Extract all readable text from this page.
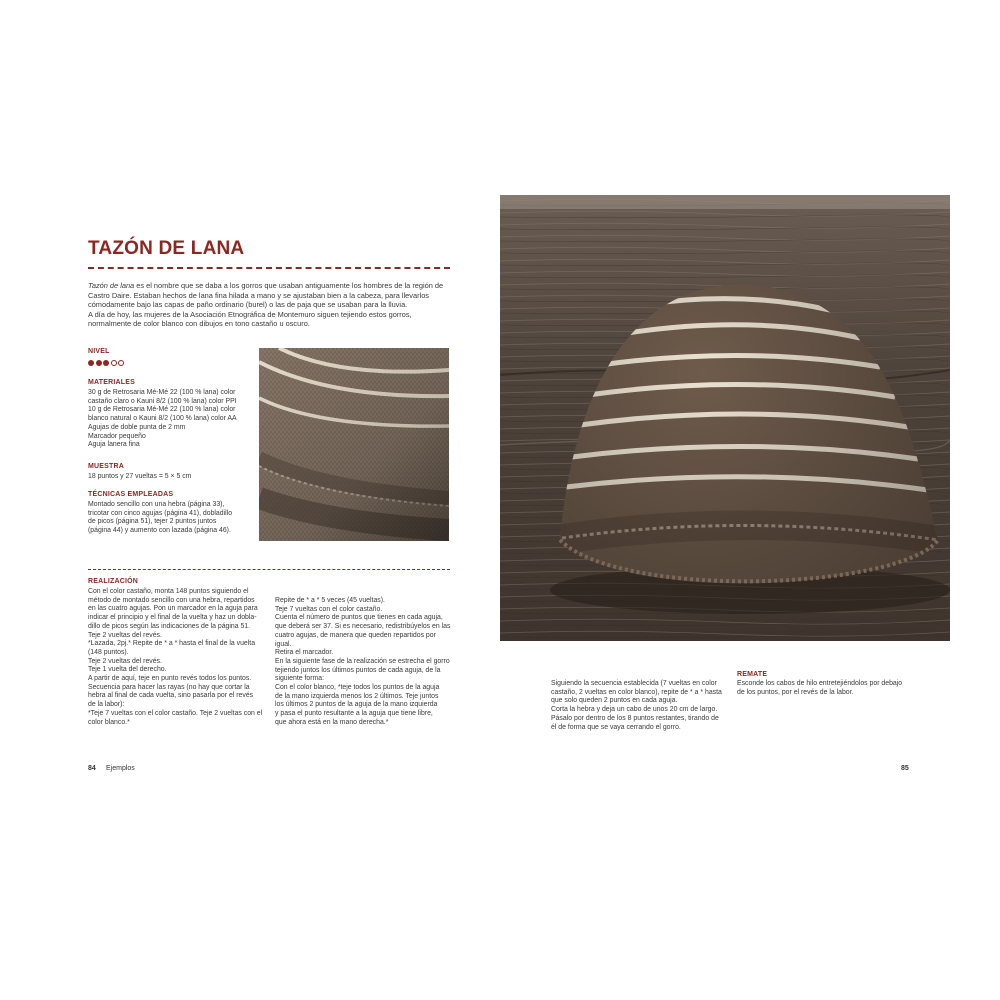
TAZÓN DE LANA

Tazón de lana es el nombre que se daba a los gorros que usaban antiguamente los hombres de la región de Castro Daire. Estaban hechos de lana fina hilada a mano y se ajustaban bien a la cabeza, para llevarlos cómodamente bajo las capas de paño ordinario (burel) o las de paja que se usaban para la lluvia.

A día de hoy, las mujeres de la Asociación Etnográfica de Montemuro siguen tejiendo estos gorros, normalmente de color blanco con dibujos en tono castaño u oscuro.

NIVEL
MATERIALES

30 g de Retrosaria Mé-Mé 22 (100 % lana) color

castaño claro o Kauni 8/2 (100 % lana) color PPI

10 g de Retrosaria Mé-Mé 22 (100 % lana) color

blanco natural o Kauni 8/2 (100 % lana) color AA

Agujas de doble punta de 2 mm

Marcador pequeño

Aguja lanera fina

MUESTRA
18 puntos y 27 vueltas = 5 × 5 cm
TÉCNICAS EMPLEADAS

Montado sencillo con una hebra (página 33),

tricotar con cinco agujas (página 41), dobladillo

de picos (página 51), tejer 2 puntos juntos

(página 44) y aumento con lazada (página 46).

REALIZACIÓN

Con el color castaño, monta 148 puntos siguiendo el

método de montado sencillo con una hebra, repartidos

en las cuatro agujas. Pon un marcador en la aguja para

indicar el principio y el final de la vuelta y haz un dobla-

dillo de picos según las indicaciones de la página 51.

Teje 2 vueltas del revés.

*Lazada, 2pj.* Repite de * a * hasta el final de la vuelta

(148 puntos).

Teje 2 vueltas del revés.

Teje 1 vuelta del derecho.

A partir de aquí, teje en punto revés todos los puntos.

Secuencia para hacer las rayas (no hay que cortar la

hebra al final de cada vuelta, sino pasarla por el revés

de la labor):

*Teje 7 vueltas con el color castaño. Teje 2 vueltas con el

color blanco.*

Repite de * a * 5 veces (45 vueltas).

Teje 7 vueltas con el color castaño.

Cuenta el número de puntos que tienes en cada aguja,

que deberá ser 37. Si es necesario, redistribúyelos en las

cuatro agujas, de manera que queden repartidos por

igual.

Retira el marcador.

En la siguiente fase de la realización se estrecha el gorro

tejiendo juntos los últimos puntos de cada aguja, de la

siguiente forma:

Con el color blanco, *teje todos los puntos de la aguja

de la mano izquierda menos los 2 últimos. Teje juntos

los últimos 2 puntos de la aguja de la mano izquierda

y pasa el punto resultante a la aguja que tiene libre,

que ahora está en la mano derecha.*

84 Ejemplos

Siguiendo la secuencia establecida (7 vueltas en color

castaño, 2 vueltas en color blanco), repite de * a * hasta

que solo queden 2 puntos en cada aguja.

Corta la hebra y deja un cabo de unos 20 cm de largo.

Pásalo por dentro de los 8 puntos restantes, tirando de

él de forma que se vaya cerrando el gorro.

REMATE

Esconde los cabos de hilo entretejiéndolos por debajo

de los puntos, por el revés de la labor.

85
